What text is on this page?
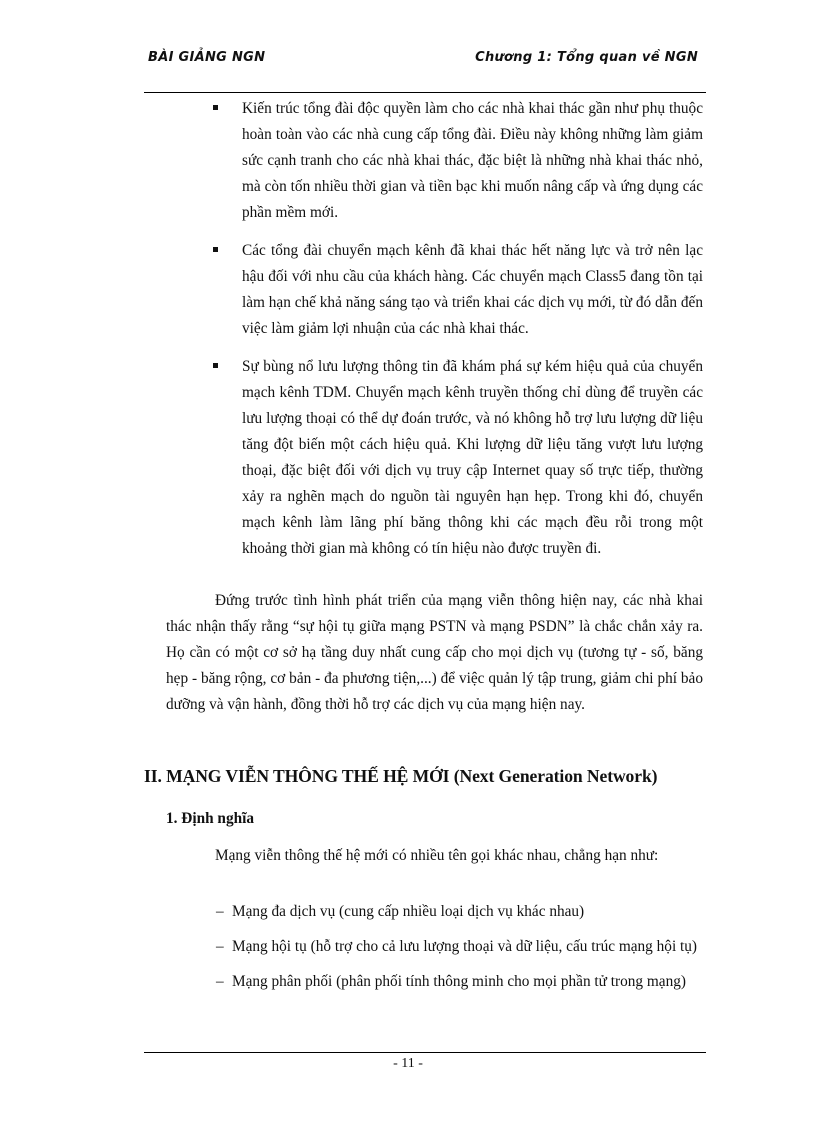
BÀI GIẢNG NGN	Chương 1: Tổng quan về NGN
Kiến trúc tổng đài độc quyền làm cho các nhà khai thác gần như phụ thuộc hoàn toàn vào các nhà cung cấp tổng đài. Điều này không những làm giảm sức cạnh tranh cho các nhà khai thác, đặc biệt là những nhà khai thác nhỏ, mà còn tốn nhiều thời gian và tiền bạc khi muốn nâng cấp và ứng dụng các phần mềm mới.
Các tổng đài chuyển mạch kênh đã khai thác hết năng lực và trở nên lạc hậu đối với nhu cầu của khách hàng. Các chuyển mạch Class5 đang tồn tại làm hạn chế khả năng sáng tạo và triển khai các dịch vụ mới, từ đó dẫn đến việc làm giảm lợi nhuận của các nhà khai thác.
Sự bùng nổ lưu lượng thông tin đã khám phá sự kém hiệu quả của chuyển mạch kênh TDM. Chuyển mạch kênh truyền thống chỉ dùng để truyền các lưu lượng thoại có thể dự đoán trước, và nó không hỗ trợ lưu lượng dữ liệu tăng đột biến một cách hiệu quả. Khi lượng dữ liệu tăng vượt lưu lượng thoại, đặc biệt đối với dịch vụ truy cập Internet quay số trực tiếp, thường xảy ra nghẽn mạch do nguồn tài nguyên hạn hẹp. Trong khi đó, chuyển mạch kênh làm lãng phí băng thông khi các mạch đều rỗi trong một khoảng thời gian mà không có tín hiệu nào được truyền đi.
Đứng trước tình hình phát triển của mạng viễn thông hiện nay, các nhà khai thác nhận thấy rằng “sự hội tụ giữa mạng PSTN và mạng PSDN” là chắc chắn xảy ra. Họ cần có một cơ sở hạ tầng duy nhất cung cấp cho mọi dịch vụ (tương tự - số, băng hẹp - băng rộng, cơ bản - đa phương tiện,...) để việc quản lý tập trung, giảm chi phí bảo dưỡng và vận hành, đồng thời hỗ trợ các dịch vụ của mạng hiện nay.
II. MẠNG VIỄN THÔNG THẾ HỆ MỚI (Next Generation Network)
1. Định nghĩa
Mạng viễn thông thế hệ mới có nhiều tên gọi khác nhau, chẳng hạn như:
– Mạng đa dịch vụ (cung cấp nhiều loại dịch vụ khác nhau)
– Mạng hội tụ (hỗ trợ cho cả lưu lượng thoại và dữ liệu, cấu trúc mạng hội tụ)
– Mạng phân phối (phân phối tính thông minh cho mọi phần tử trong mạng)
- 11 -
